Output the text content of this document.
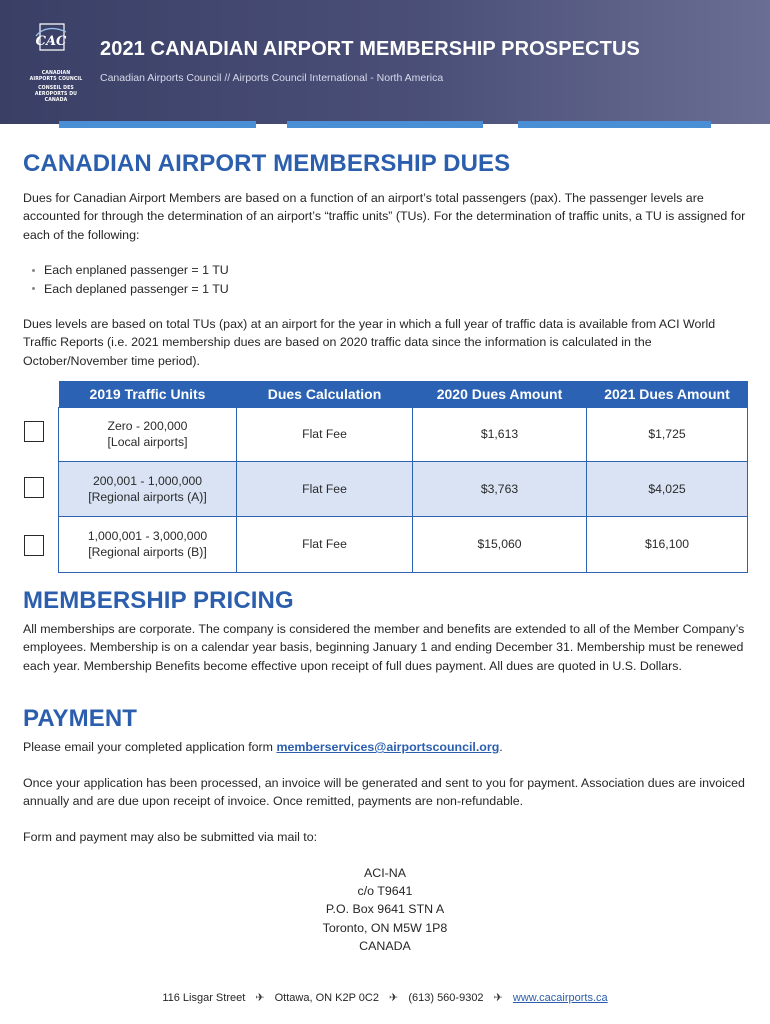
CAC
CANADIAN
AIRPORTS COUNCIL
CONSEIL DES
AEROPORTS DU CANADA
2021 CANADIAN AIRPORT MEMBERSHIP PROSPECTUS
Canadian Airports Council // Airports Council International - North America
CANADIAN AIRPORT MEMBERSHIP DUES

Dues for Canadian Airport Members are based on a function of an airport’s total passengers (pax). The passenger levels are accounted for through the determination of an airport’s “traffic units” (TUs). For the determination of traffic units, a TU is assigned for each of the following:

Each enplaned passenger = 1 TU
Each deplaned passenger = 1 TU

Dues levels are based on total TUs (pax) at an airport for the year in which a full year of traffic data is available from ACI World Traffic Reports (i.e. 2021 membership dues are based on 2020 traffic data since the information is calculated in the October/November time period).

2019 Traffic Units	Dues Calculation	2020 Dues Amount	2021 Dues Amount

Zero - 200,000
[Local airports]	Flat Fee	$1,613	$1,725

200,001 - 1,000,000
[Regional airports (A)]	Flat Fee	$3,763	$4,025

1,000,001 - 3,000,000
[Regional airports (B)]	Flat Fee	$15,060	$16,100
MEMBERSHIP PRICING

All memberships are corporate. The company is considered the member and benefits are extended to all of the Member Company’s employees. Membership is on a calendar year basis, beginning January 1 and ending December 31. Membership must be renewed each year. Membership Benefits become effective upon receipt of full dues payment. All dues are quoted in U.S. Dollars.

PAYMENT

Please email your completed application form memberservices@airportscouncil.org.

Once your application has been processed, an invoice will be generated and sent to you for payment. Association dues are invoiced annually and are due upon receipt of invoice. Once remitted, payments are non-refundable.

Form and payment may also be submitted via mail to:

ACI-NA
c/o T9641
P.O. Box 9641 STN A
Toronto, ON M5W 1P8
CANADA
116 Lisgar Street ✈ Ottawa, ON K2P 0C2 ✈ (613) 560-9302 ✈ www.cacairports.ca
